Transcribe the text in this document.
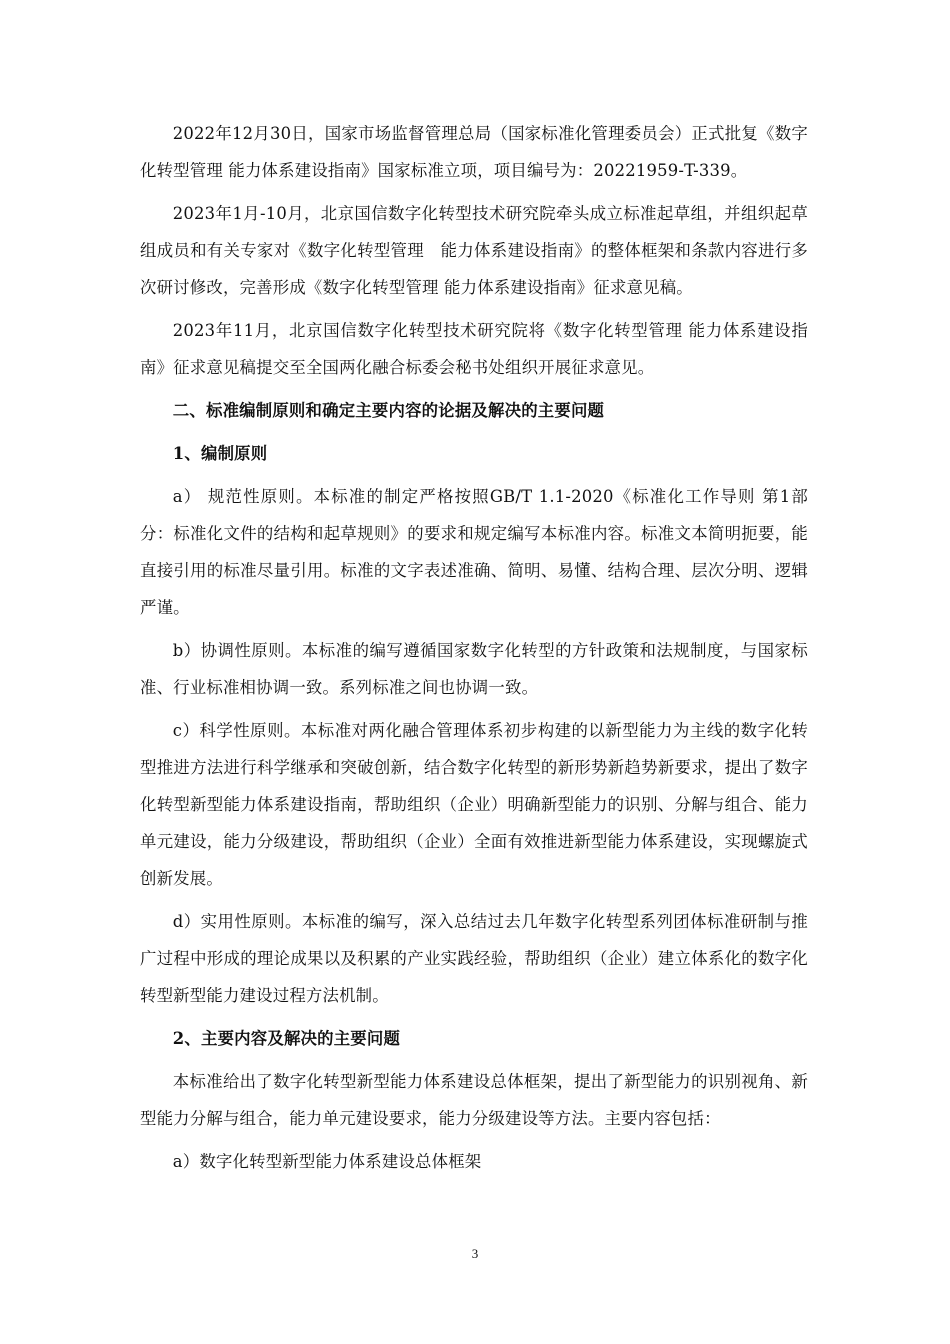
2022年12月30日，国家市场监督管理总局（国家标准化管理委员会）正式批复《数字化转型管理 能力体系建设指南》国家标准立项，项目编号为：20221959-T-339。

2023年1月-10月，北京国信数字化转型技术研究院牵头成立标准起草组，并组织起草组成员和有关专家对《数字化转型管理　能力体系建设指南》的整体框架和条款内容进行多次研讨修改，完善形成《数字化转型管理 能力体系建设指南》征求意见稿。

2023年11月，北京国信数字化转型技术研究院将《数字化转型管理 能力体系建设指南》征求意见稿提交至全国两化融合标委会秘书处组织开展征求意见。

二、标准编制原则和确定主要内容的论据及解决的主要问题

1、编制原则

a） 规范性原则。本标准的制定严格按照GB/T 1.1-2020《标准化工作导则 第1部分：标准化文件的结构和起草规则》的要求和规定编写本标准内容。标准文本简明扼要，能直接引用的标准尽量引用。标准的文字表述准确、简明、易懂、结构合理、层次分明、逻辑严谨。

b）协调性原则。本标准的编写遵循国家数字化转型的方针政策和法规制度，与国家标准、行业标准相协调一致。系列标准之间也协调一致。

c）科学性原则。本标准对两化融合管理体系初步构建的以新型能力为主线的数字化转型推进方法进行科学继承和突破创新，结合数字化转型的新形势新趋势新要求，提出了数字化转型新型能力体系建设指南，帮助组织（企业）明确新型能力的识别、分解与组合、能力单元建设，能力分级建设，帮助组织（企业）全面有效推进新型能力体系建设，实现螺旋式创新发展。

d）实用性原则。本标准的编写，深入总结过去几年数字化转型系列团体标准研制与推广过程中形成的理论成果以及积累的产业实践经验，帮助组织（企业）建立体系化的数字化转型新型能力建设过程方法机制。

2、主要内容及解决的主要问题

本标准给出了数字化转型新型能力体系建设总体框架，提出了新型能力的识别视角、新型能力分解与组合，能力单元建设要求，能力分级建设等方法。主要内容包括：

a）数字化转型新型能力体系建设总体框架

3
